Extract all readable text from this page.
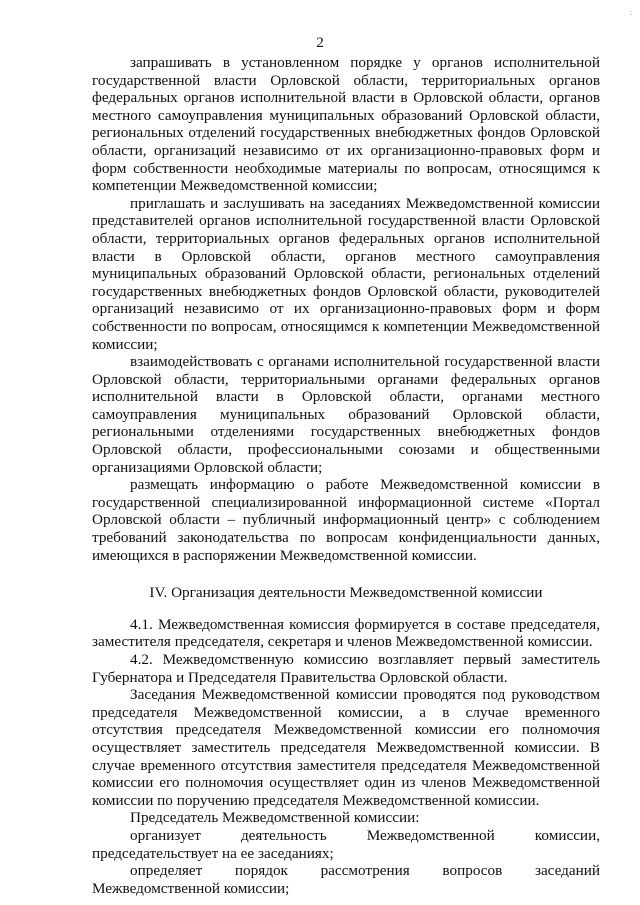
:
2

запрашивать в установленном порядке у органов исполнительной государственной власти Орловской области, территориальных органов федеральных органов исполнительной власти в Орловской области, органов местного самоуправления муниципальных образований Орловской области, региональных отделений государственных внебюджетных фондов Орловской области, организаций независимо от их организационно-правовых форм и форм собственности необходимые материалы по вопросам, относящимся к компетенции Межведомственной комиссии;

приглашать и заслушивать на заседаниях Межведомственной комиссии представителей органов исполнительной государственной власти Орловской области, территориальных органов федеральных органов исполнительной власти в Орловской области, органов местного самоуправления муниципальных образований Орловской области, региональных отделений государственных внебюджетных фондов Орловской области, руководителей организаций независимо от их организационно-правовых форм и форм собственности по вопросам, относящимся к компетенции Межведомственной комиссии;

взаимодействовать с органами исполнительной государственной власти Орловской области, территориальными органами федеральных органов исполнительной власти в Орловской области, органами местного самоуправления муниципальных образований Орловской области, региональными отделениями государственных внебюджетных фондов Орловской области, профессиональными союзами и общественными организациями Орловской области;

размещать информацию о работе Межведомственной комиссии в государственной специализированной информационной системе «Портал Орловской области – публичный информационный центр» с соблюдением требований законодательства по вопросам конфиденциальности данных, имеющихся в распоряжении Межведомственной комиссии.

IV. Организация деятельности Межведомственной комиссии

4.1. Межведомственная комиссия формируется в составе председателя, заместителя председателя, секретаря и членов Межведомственной комиссии.

4.2. Межведомственную комиссию возглавляет первый заместитель Губернатора и Председателя Правительства Орловской области.

Заседания Межведомственной комиссии проводятся под руководством председателя Межведомственной комиссии, а в случае временного отсутствия председателя Межведомственной комиссии его полномочия осуществляет заместитель председателя Межведомственной комиссии. В случае временного отсутствия заместителя председателя Межведомственной комиссии его полномочия осуществляет один из членов Межведомственной комиссии по поручению председателя Межведомственной комиссии.

Председатель Межведомственной комиссии:

организует деятельность Межведомственной комиссии, председательствует на ее заседаниях;

определяет порядок рассмотрения вопросов заседаний Межведомственной комиссии;
